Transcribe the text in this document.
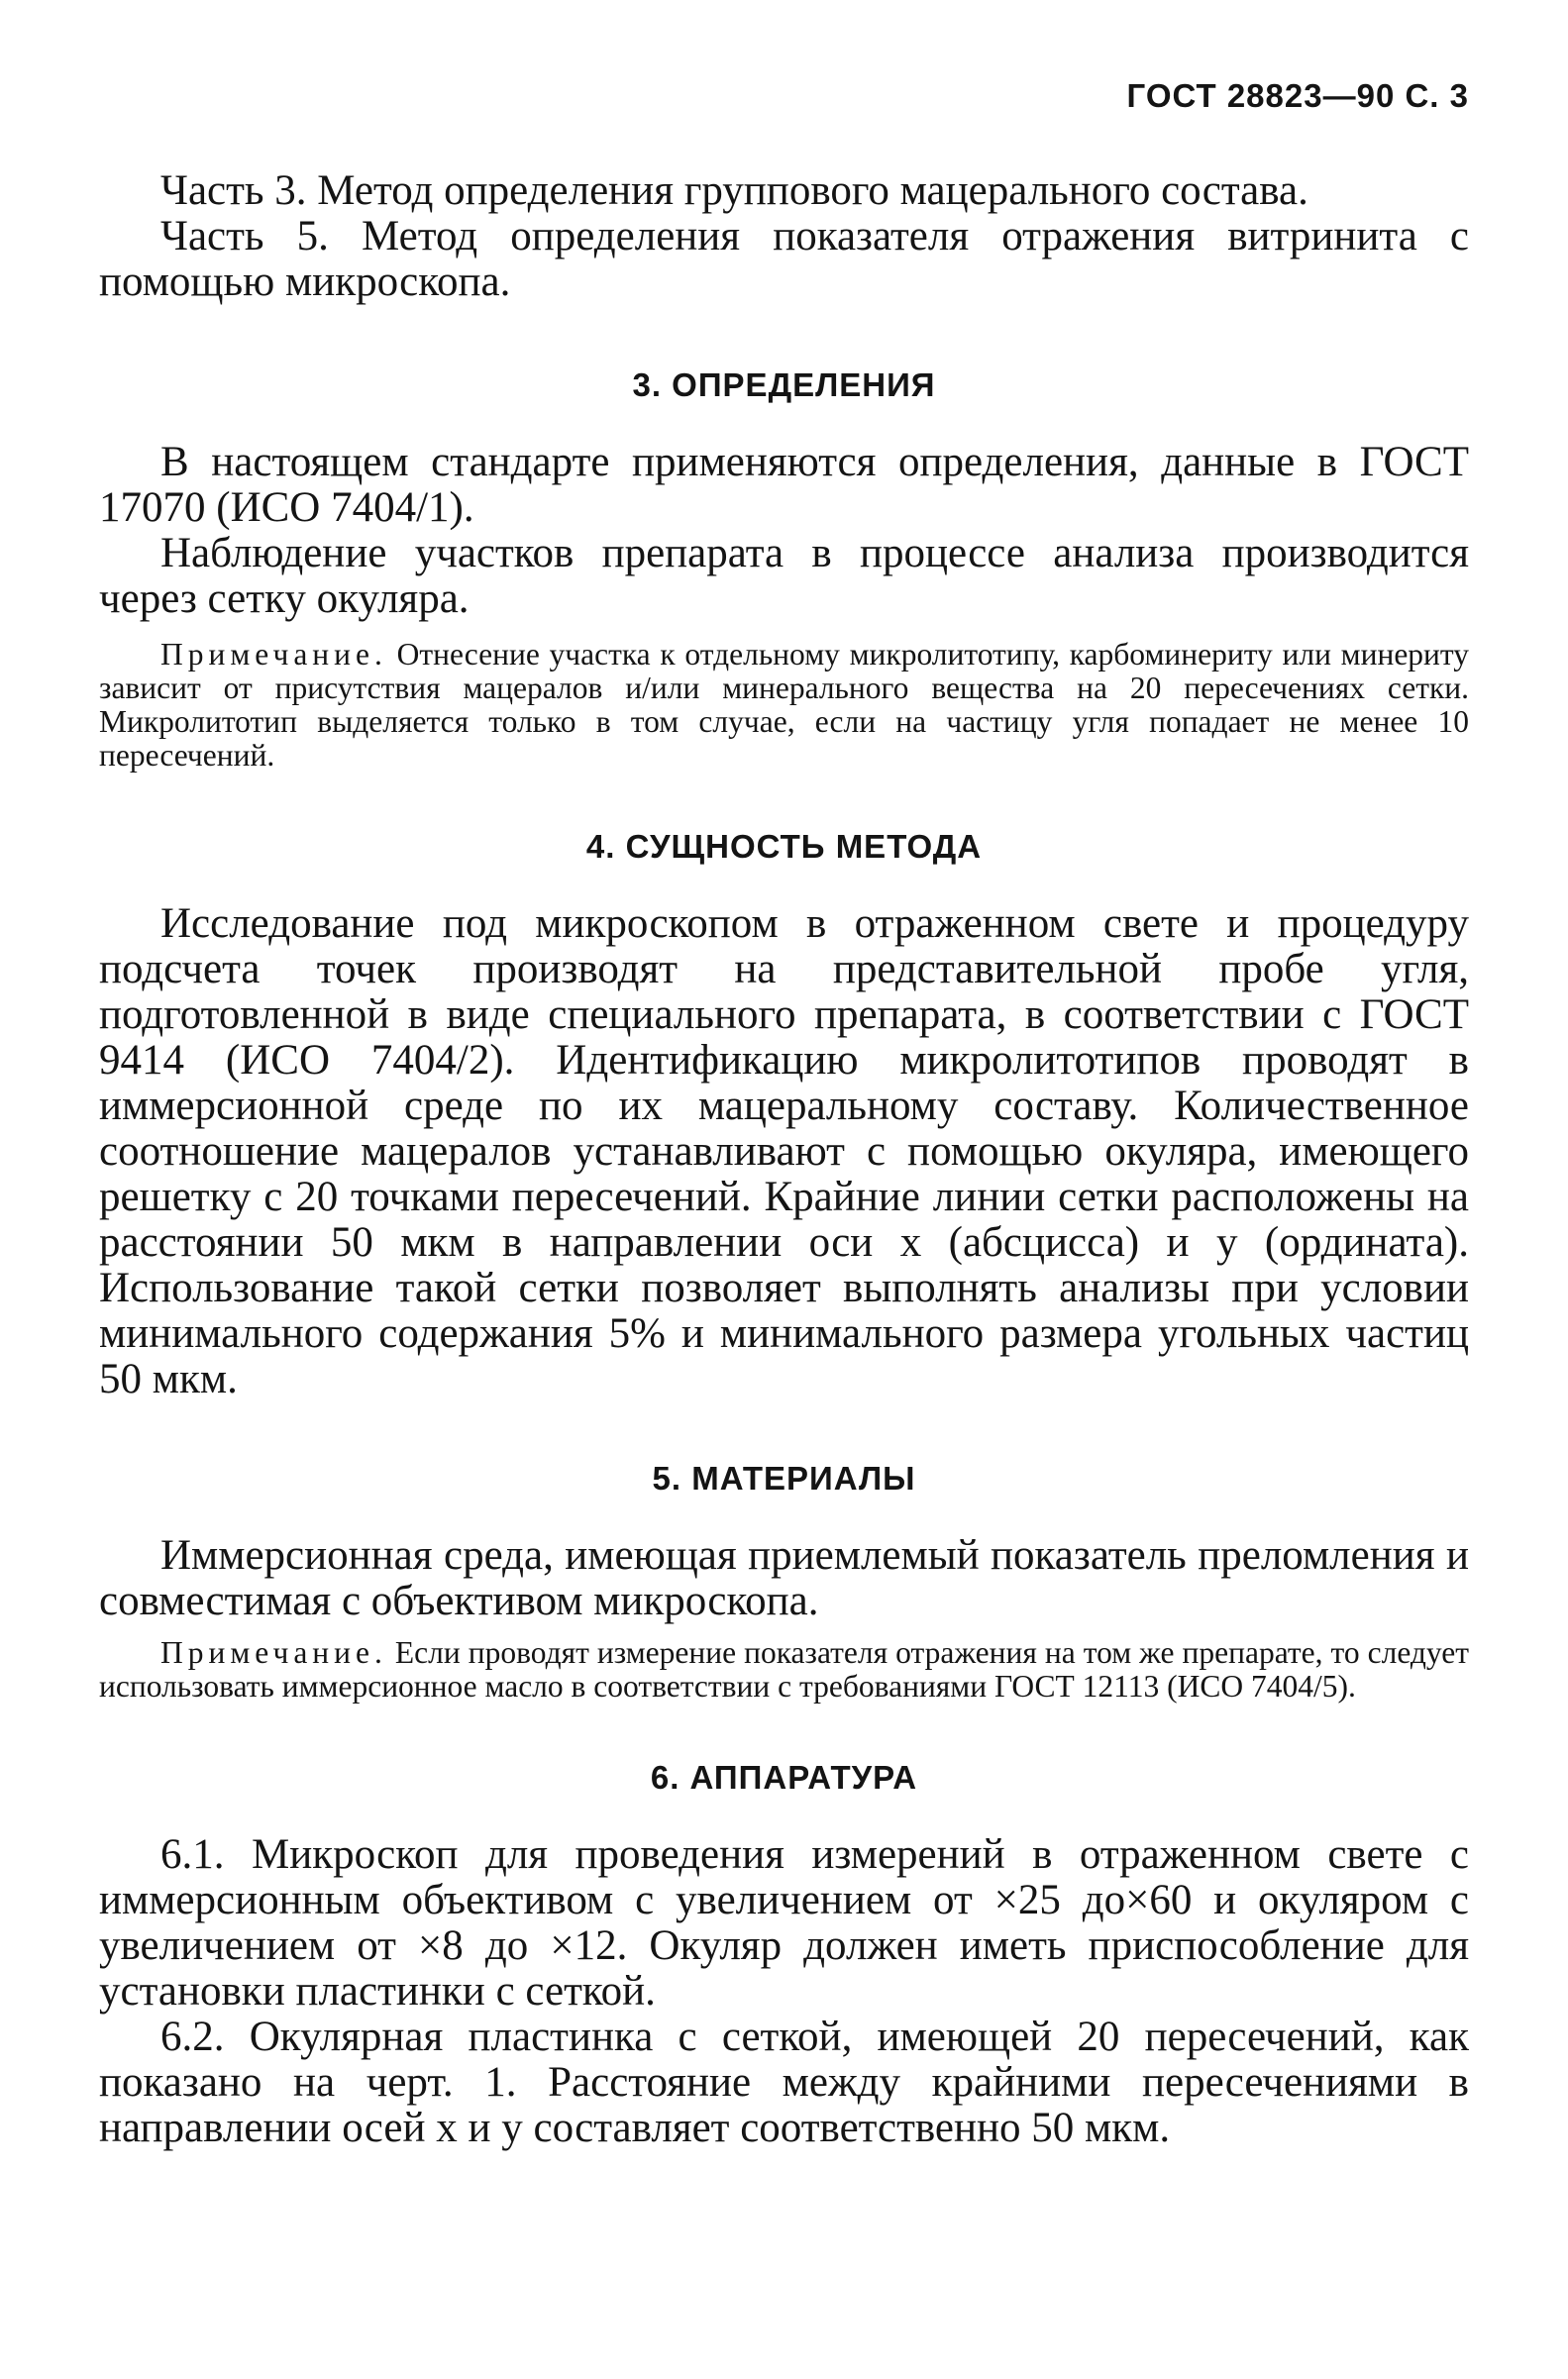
ГОСТ 28823—90 С. 3

Часть 3. Метод определения группового мацерального состава.

Часть 5. Метод определения показателя отражения витринита с помощью микроскопа.

3. ОПРЕДЕЛЕНИЯ

В настоящем стандарте применяются определения, данные в ГОСТ 17070 (ИСО 7404/1).

Наблюдение участков препарата в процессе анализа производится через сетку окуляра.

Примечание. Отнесение участка к отдельному микролитотипу, карбоминериту или минериту зависит от присутствия мацералов и/или минерального вещества на 20 пересечениях сетки. Микролитотип выделяется только в том случае, если на частицу угля попадает не менее 10 пересечений.

4. СУЩНОСТЬ МЕТОДА

Исследование под микроскопом в отраженном свете и процедуру подсчета точек производят на представительной пробе угля, подготовленной в виде специального препарата, в соответствии с ГОСТ 9414 (ИСО 7404/2). Идентификацию микролитотипов проводят в иммерсионной среде по их мацеральному составу. Количественное соотношение мацералов устанавливают с помощью окуляра, имеющего решетку с 20 точками пересечений. Крайние линии сетки расположены на расстоянии 50 мкм в направлении оси x (абсцисса) и y (ордината). Использование такой сетки позволяет выполнять анализы при условии минимального содержания 5% и минимального размера угольных частиц 50 мкм.

5. МАТЕРИАЛЫ

Иммерсионная среда, имеющая приемлемый показатель преломления и совместимая с объективом микроскопа.

Примечание. Если проводят измерение показателя отражения на том же препарате, то следует использовать иммерсионное масло в соответствии с требованиями ГОСТ 12113 (ИСО 7404/5).

6. АППАРАТУРА

6.1. Микроскоп для проведения измерений в отраженном свете с иммерсионным объективом с увеличением от ×25 до×60 и окуляром с увеличением от ×8 до ×12. Окуляр должен иметь приспособление для установки пластинки с сеткой.

6.2. Окулярная пластинка с сеткой, имеющей 20 пересечений, как показано на черт. 1. Расстояние между крайними пересечениями в направлении осей x и y составляет соответственно 50 мкм.
